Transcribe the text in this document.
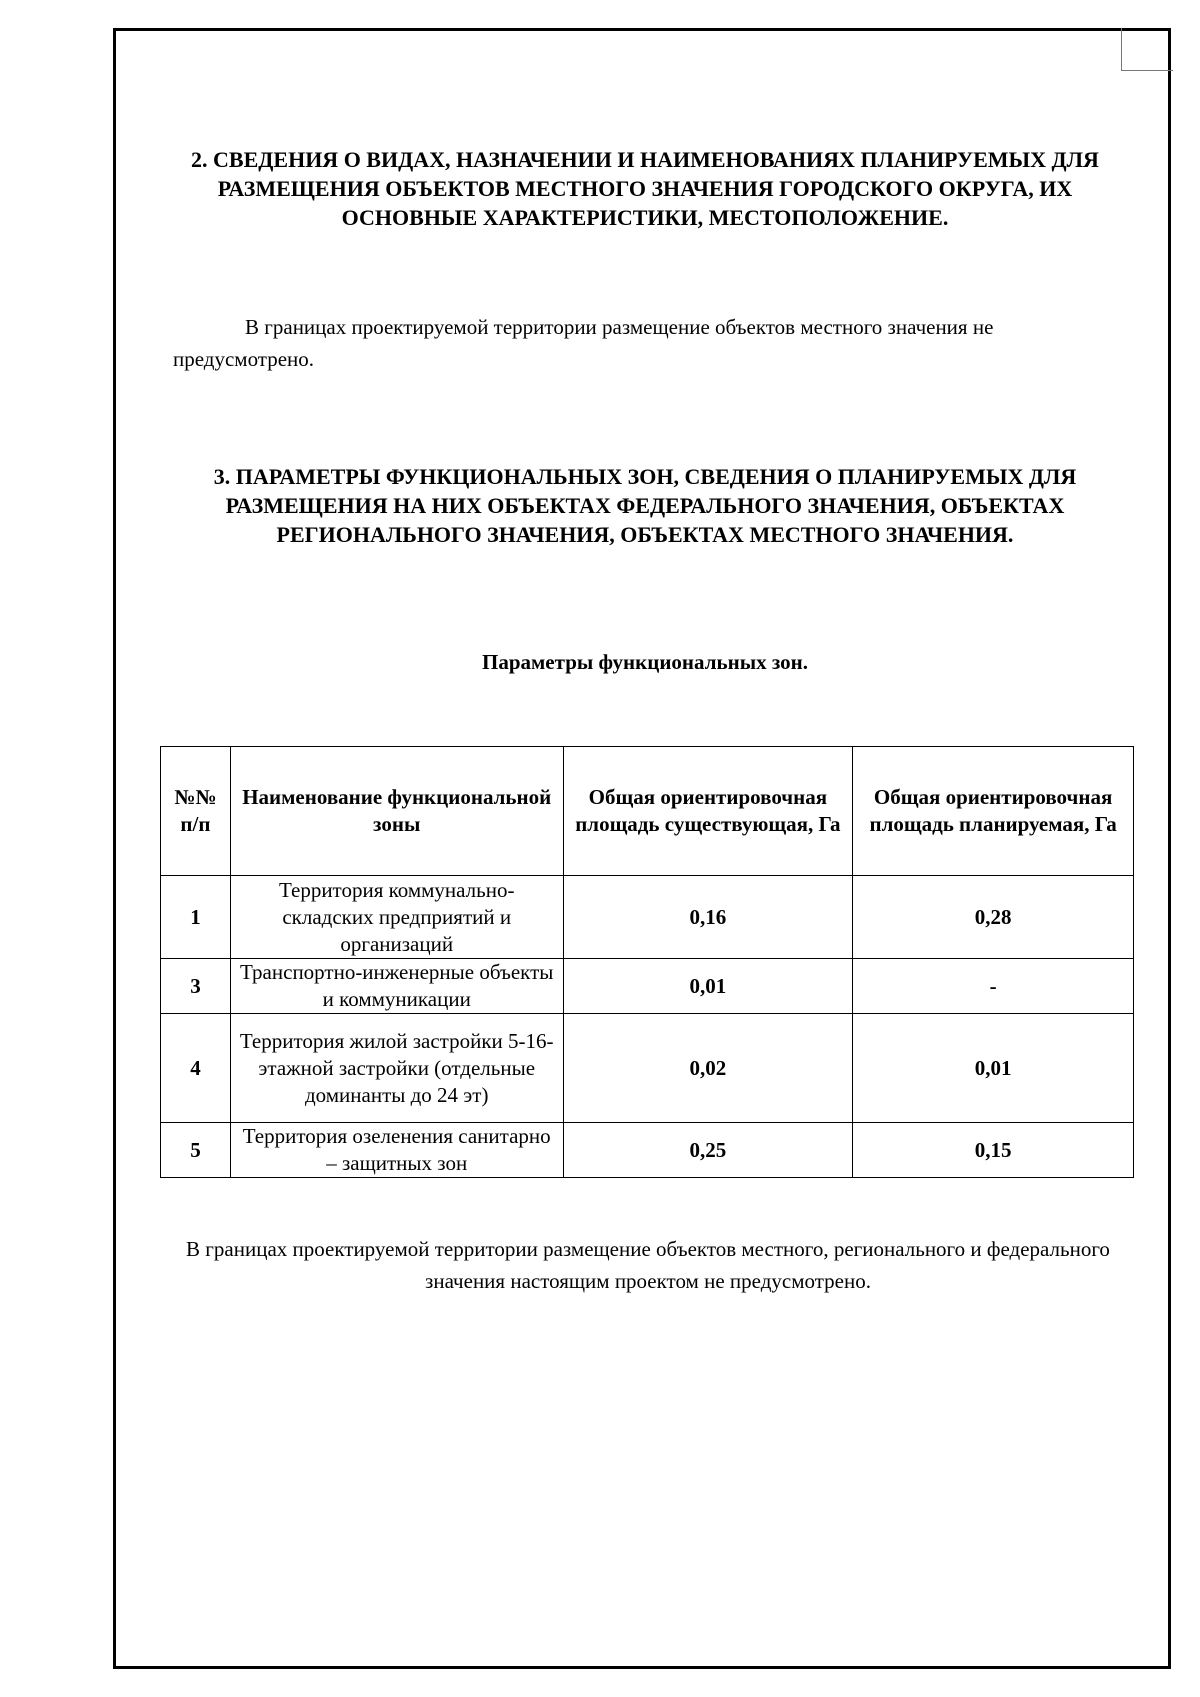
2. СВЕДЕНИЯ О ВИДАХ, НАЗНАЧЕНИИ И НАИМЕНОВАНИЯХ ПЛАНИРУЕМЫХ ДЛЯ РАЗМЕЩЕНИЯ ОБЪЕКТОВ МЕСТНОГО ЗНАЧЕНИЯ ГОРОДСКОГО ОКРУГА, ИХ ОСНОВНЫЕ ХАРАКТЕРИСТИКИ, МЕСТОПОЛОЖЕНИЕ.

В границах проектируемой территории размещение объектов местного значения не предусмотрено.

3. ПАРАМЕТРЫ ФУНКЦИОНАЛЬНЫХ ЗОН, СВЕДЕНИЯ О ПЛАНИРУЕМЫХ ДЛЯ РАЗМЕЩЕНИЯ НА НИХ ОБЪЕКТАХ ФЕДЕРАЛЬНОГО ЗНАЧЕНИЯ, ОБЪЕКТАХ РЕГИОНАЛЬНОГО ЗНАЧЕНИЯ, ОБЪЕКТАХ МЕСТНОГО ЗНАЧЕНИЯ.
Параметры функциональных зон.
№№ п/п	Наименование функциональной зоны	Общая ориентировочная площадь существующая, Га	Общая ориентировочная площадь планируемая, Га
1	Территория коммунально-складских предприятий и организаций	0,16	0,28
3	Транспортно-инженерные объекты и коммуникации	0,01	-
4	Территория жилой застройки 5-16-этажной застройки (отдельные доминанты до 24 эт)	0,02	0,01
5	Территория озеленения санитарно – защитных зон	0,25	0,15

В границах проектируемой территории размещение объектов местного, регионального и федерального значения настоящим проектом не предусмотрено.
